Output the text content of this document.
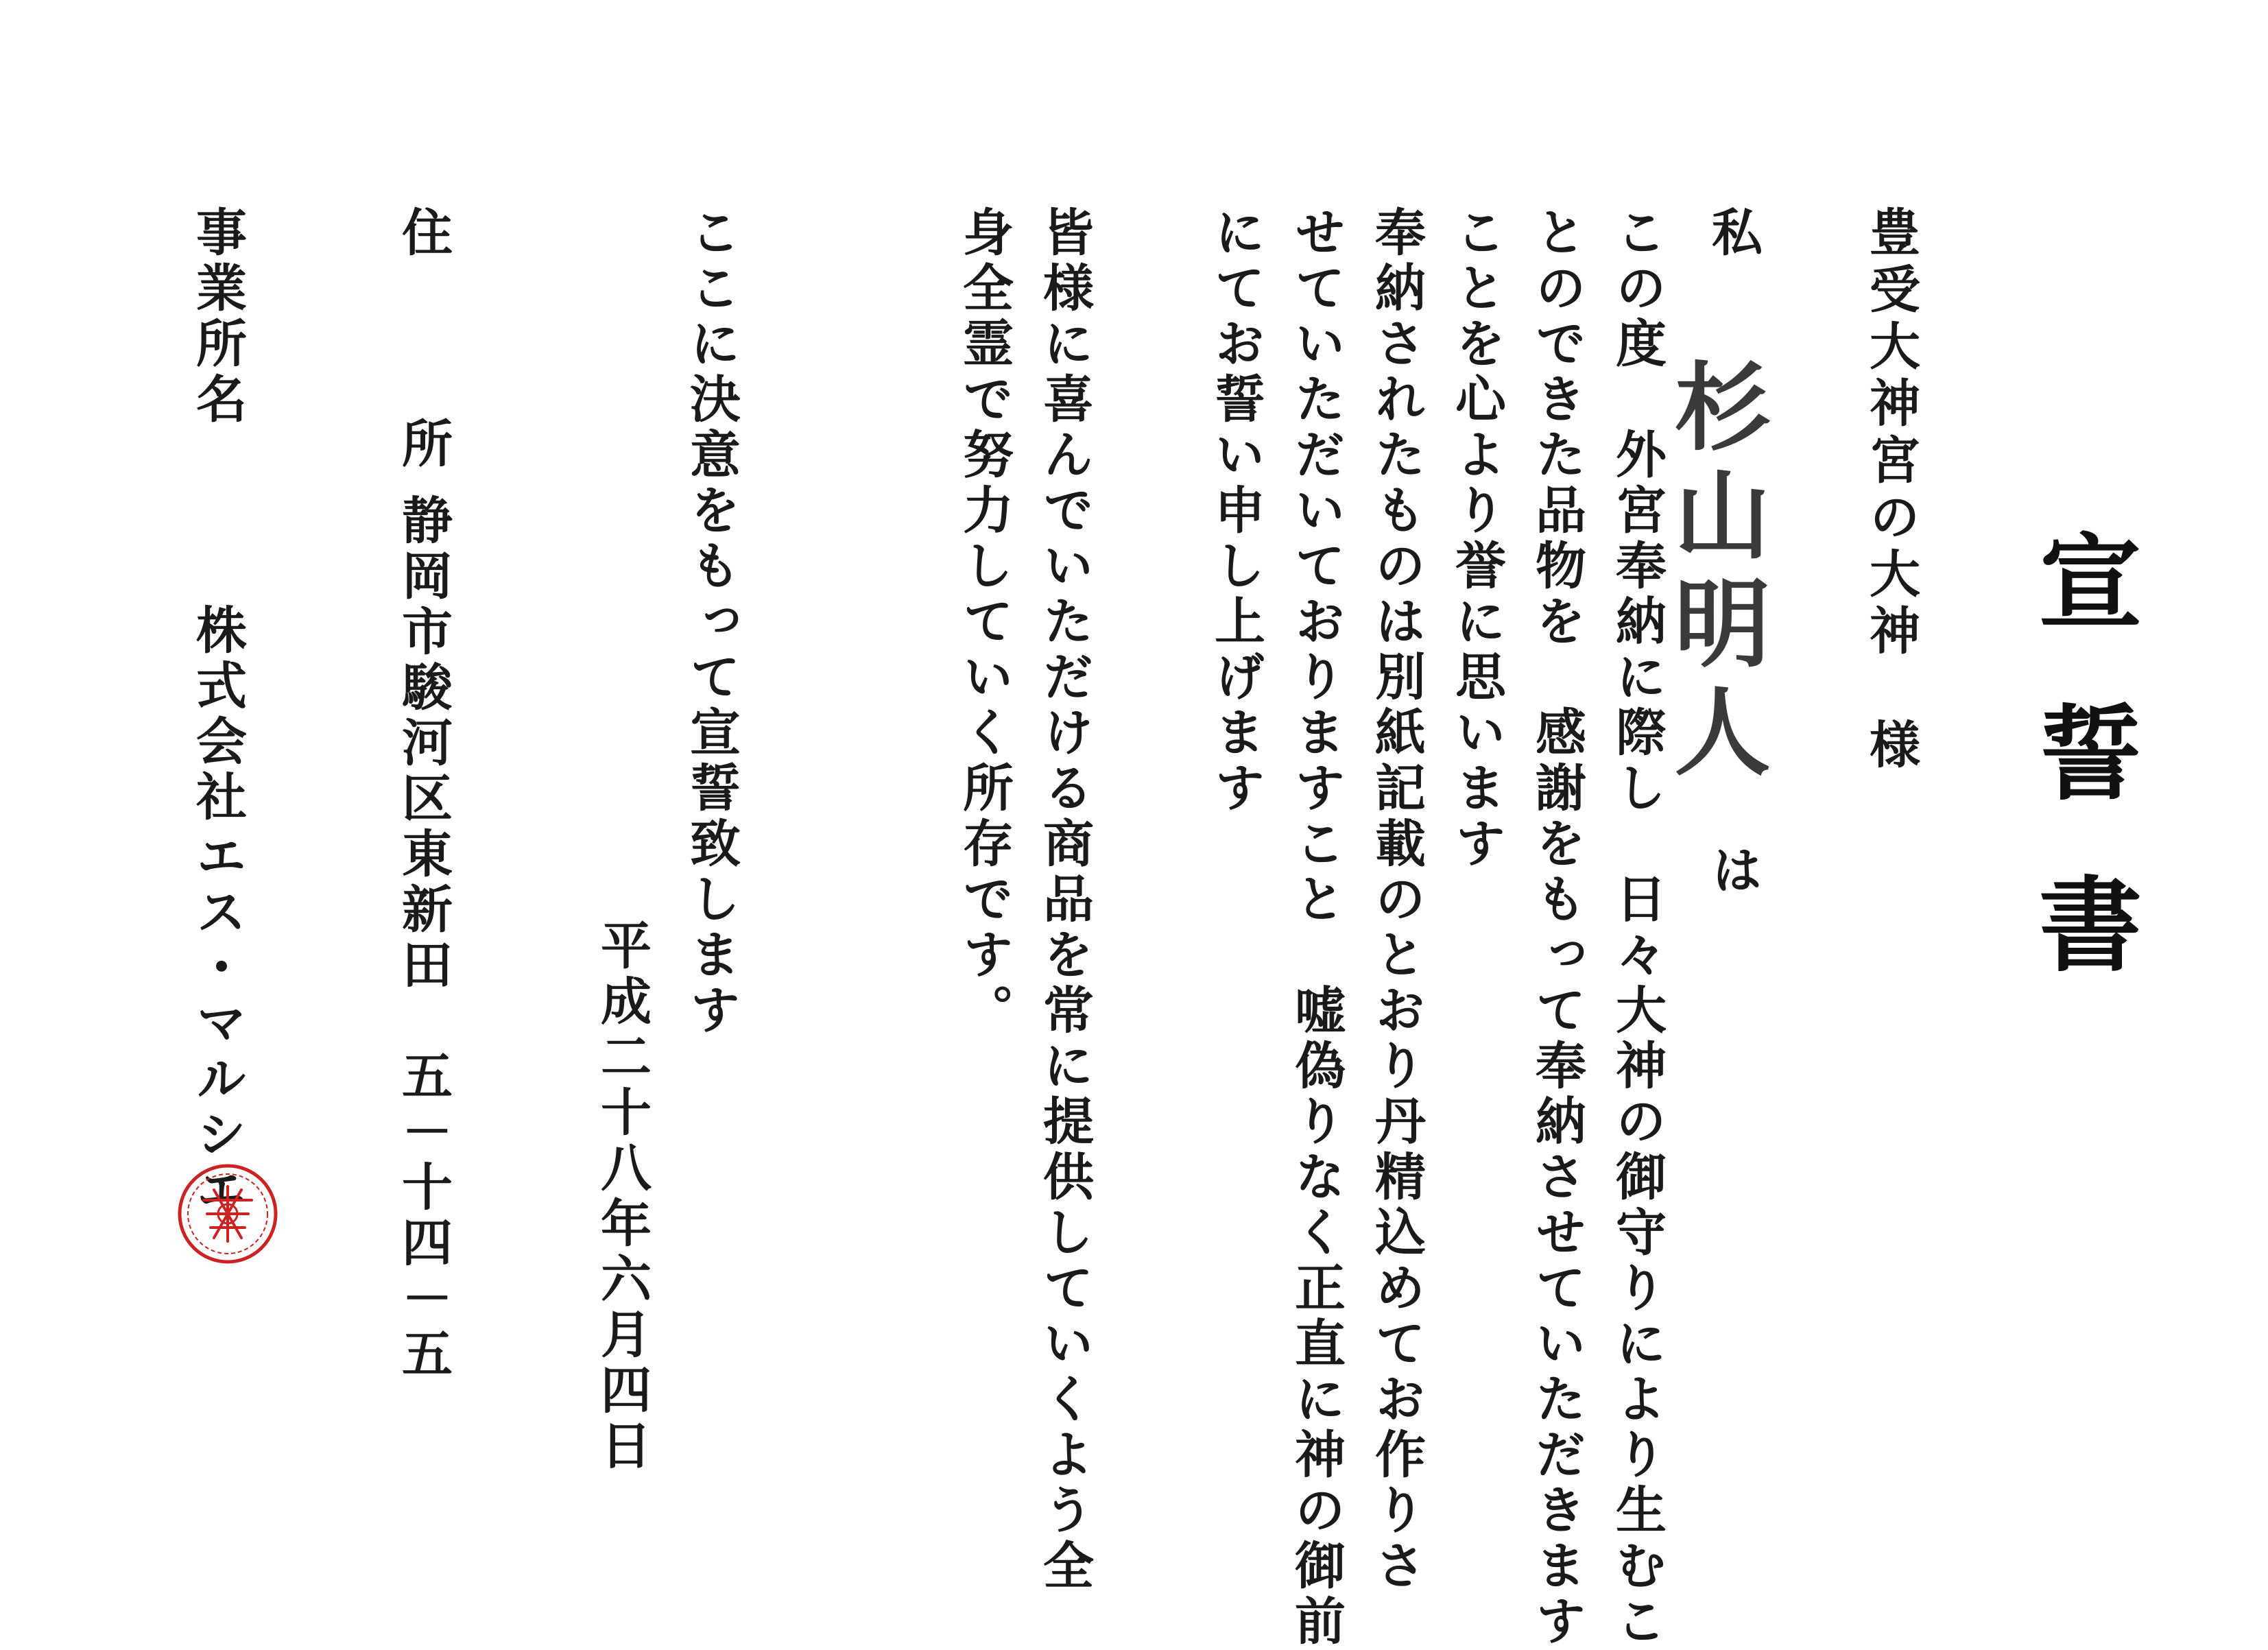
宣誓書
豊受大神宮の大神　様
私
杉山明人
は
この度　外宮奉納に際し　日々大神の御守りにより生むこ
とのできた品物を　感謝をもって奉納させていただきます
ことを心より誉に思います
奉納されたものは別紙記載のとおり丹精込めてお作りさ
せていただいておりますこと　嘘偽りなく正直に神の御前
にてお誓い申し上げます
皆様に喜んでいただける商品を常に提供していくよう全
身全霊で努力していく所存です。
ここに決意をもって宣誓致します
平成二十八年六月四日
住　所
静岡市駿河区東新田　五－十四－五
事業所名
株式会社
エス・マルシエ
